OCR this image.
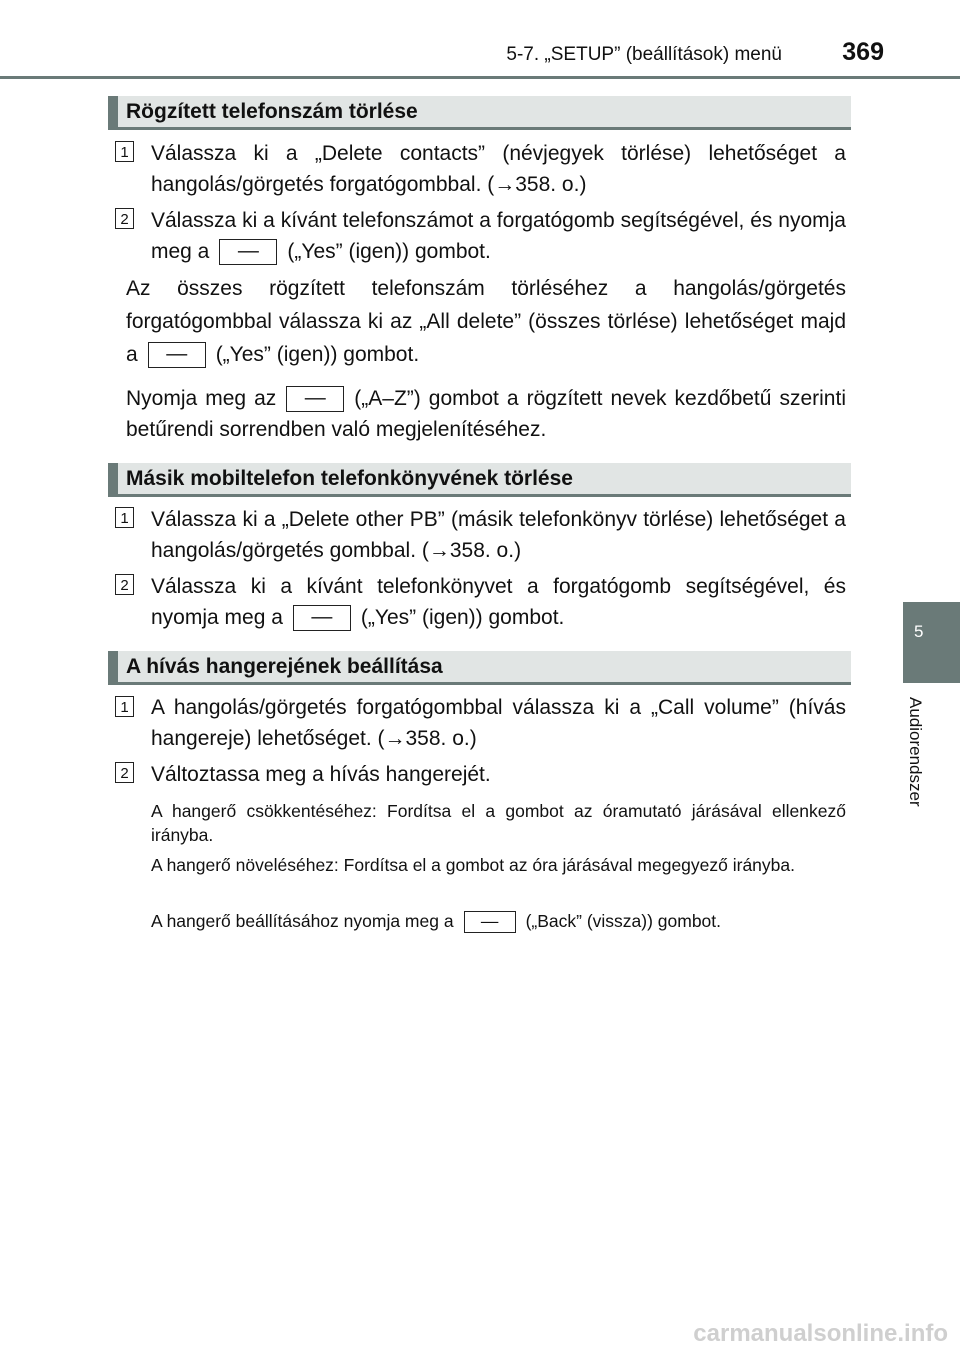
5-7. „SETUP” (beállítások) menü 369
Rögzített telefonszám törlése
1 Válassza ki a „Delete contacts” (névjegyek törlése) lehetőséget a hangolás/görgetés forgatógombbal. (→358. o.)
2 Válassza ki a kívánt telefonszámot a forgatógomb segítségével, és nyomja meg a — („Yes” (igen)) gombot.
Az összes rögzített telefonszám törléséhez a hangolás/görgetés forgatógombbal válassza ki az „All delete” (összes törlése) lehetőséget majd a — („Yes” (igen)) gombot.
Nyomja meg az — („A–Z”) gombot a rögzített nevek kezdőbetű szerinti betűrendi sorrendben való megjelenítéséhez.
Másik mobiltelefon telefonkönyvének törlése
1 Válassza ki a „Delete other PB” (másik telefonkönyv törlése) lehetőséget a hangolás/görgetés gombbal. (→358. o.)
2 Válassza ki a kívánt telefonkönyvet a forgatógomb segítségével, és nyomja meg a — („Yes” (igen)) gombot.
A hívás hangerejének beállítása
1 A hangolás/görgetés forgatógombbal válassza ki a „Call volume” (hívás hangereje) lehetőséget. (→358. o.)
2 Változtassa meg a hívás hangerejét.
A hangerő csökkentéséhez: Fordítsa el a gombot az óramutató járásával ellenkező irányba.
A hangerő növeléséhez: Fordítsa el a gombot az óra járásával megegyező irányba.
A hangerő beállításához nyomja meg a — („Back” (vissza)) gombot.
5
Audiorendszer
carmanualsonline.info
